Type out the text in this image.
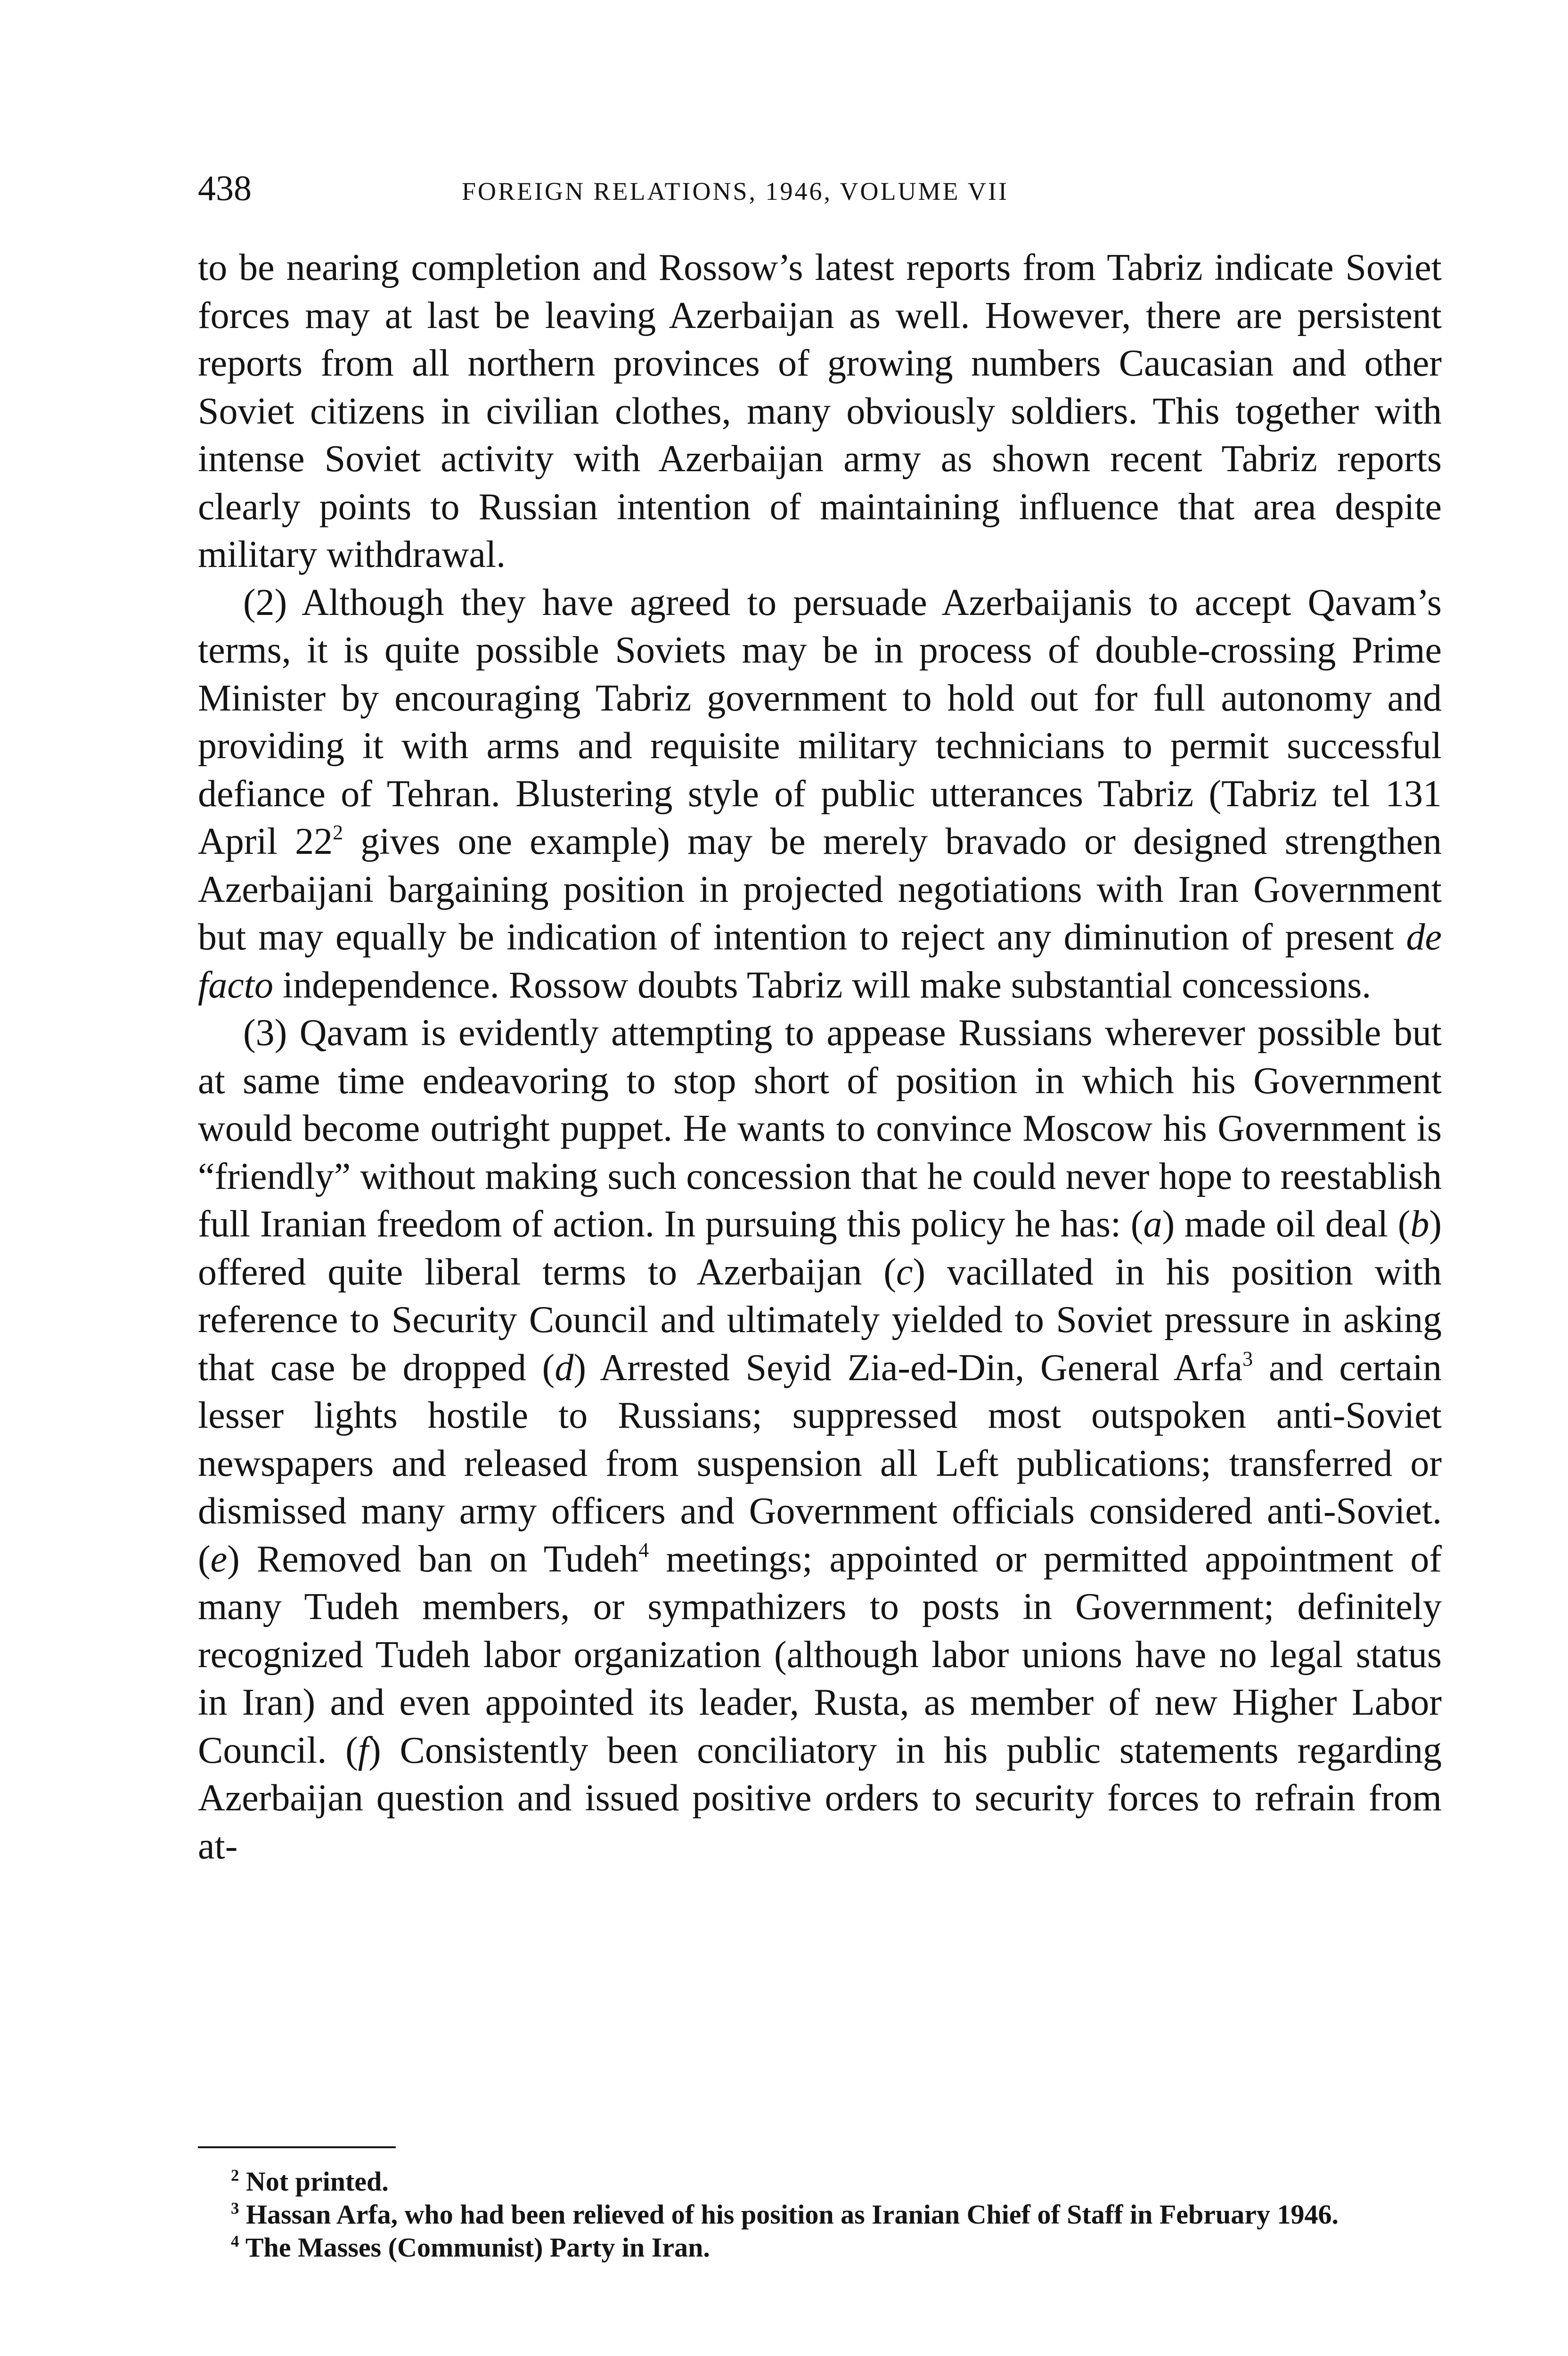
438	FOREIGN RELATIONS, 1946, VOLUME VII

to be nearing completion and Rossow’s latest reports from Tabriz indicate Soviet forces may at last be leaving Azerbaijan as well. However, there are persistent reports from all northern provinces of growing numbers Caucasian and other Soviet citizens in civilian clothes, many obviously soldiers. This together with intense Soviet activity with Azerbaijan army as shown recent Tabriz reports clearly points to Russian intention of maintaining influence that area despite military withdrawal.

(2) Although they have agreed to persuade Azerbaijanis to accept Qavam’s terms, it is quite possible Soviets may be in process of double-crossing Prime Minister by encouraging Tabriz government to hold out for full autonomy and providing it with arms and requisite military technicians to permit successful defiance of Tehran. Blustering style of public utterances Tabriz (Tabriz tel 131 April $22^2$ gives one example) may be merely bravado or designed strengthen Azerbaijani bargaining position in projected negotiations with Iran Government but may equally be indication of intention to reject any diminution of present de facto independence. Rossow doubts Tabriz will make substantial concessions.

(3) Qavam is evidently attempting to appease Russians wherever possible but at same time endeavoring to stop short of position in which his Government would become outright puppet. He wants to convince Moscow his Government is “friendly” without making such concession that he could never hope to reestablish full Iranian freedom of action. In pursuing this policy he has: (a) made oil deal (b) offered quite liberal terms to Azerbaijan (c) vacillated in his position with reference to Security Council and ultimately yielded to Soviet pressure in asking that case be dropped (d) Arrested Seyid Zia-ed-Din, General Arfa$^3$ and certain lesser lights hostile to Russians; suppressed most outspoken anti-Soviet newspapers and released from suspension all Left publications; transferred or dismissed many army officers and Government officials considered anti-Soviet. (e) Removed ban on Tudeh$^4$ meetings; appointed or permitted appointment of many Tudeh members, or sympathizers to posts in Government; definitely recognized Tudeh labor organization (although labor unions have no legal status in Iran) and even appointed its leader, Rusta, as member of new Higher Labor Council. (f) Consistently been conciliatory in his public statements regarding Azerbaijan question and issued positive orders to security forces to refrain from at-

$^2$ Not printed.

$^3$ Hassan Arfa, who had been relieved of his position as Iranian Chief of Staff in February 1946.

$^4$ The Masses (Communist) Party in Iran.
